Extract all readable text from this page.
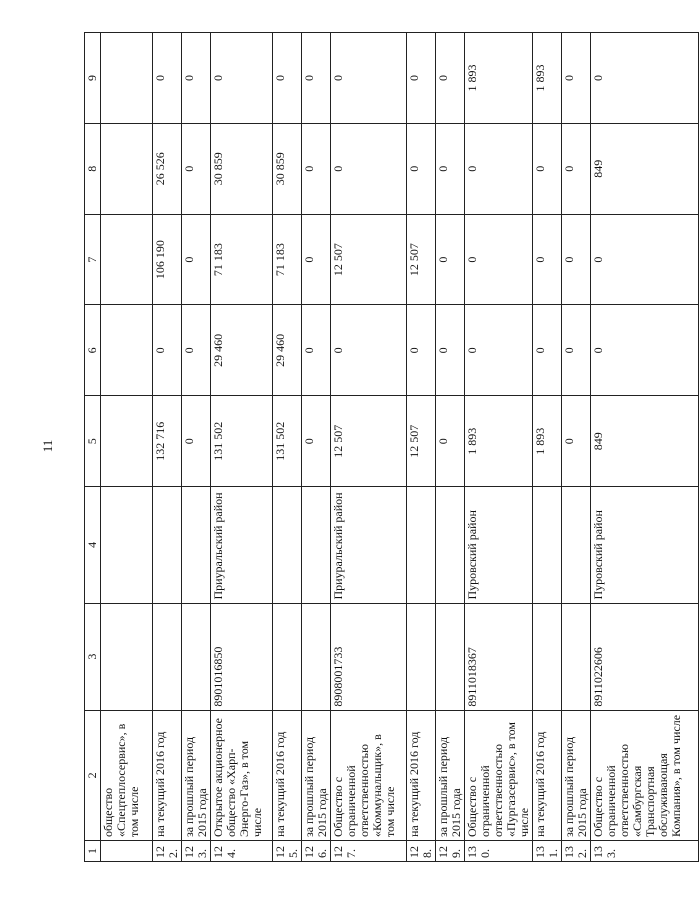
11
1	2	3	4	5	6	7	8	9
	общество «Спецтеплосервис», в том числе							
122.	на текущий 2016 год			132 716	0	106 190	26 526	0
123.	за прошлый период 2015 года			0	0	0	0	0
124.	Открытое акционерное общество «Харп-Энерго-Газ», в том числе	8901016850	Приуральский район	131 502	29 460	71 183	30 859	0
125.	на текущий 2016 год			131 502	29 460	71 183	30 859	0
126.	за прошлый период 2015 года			0	0	0	0	0
127.	Общество с ограниченной ответственностью «Коммунальщик», в том числе	8908001733	Приуральский район	12 507	0	12 507	0	0
128.	на текущий 2016 год			12 507	0	12 507	0	0
129.	за прошлый период 2015 года			0	0	0	0	0
130.	Общество с ограниченной ответственностью «Пургазсервис», в том числе	8911018367	Пуровский район	1 893	0	0	0	1 893
131.	на текущий 2016 год			1 893	0	0	0	1 893
132.	за прошлый период 2015 года			0	0	0	0	0
133.	Общество с ограниченной ответственностью «Самбургская Транспортная обслуживающая Компания», в том числе	8911022606	Пуровский район	849	0	0	849	0
